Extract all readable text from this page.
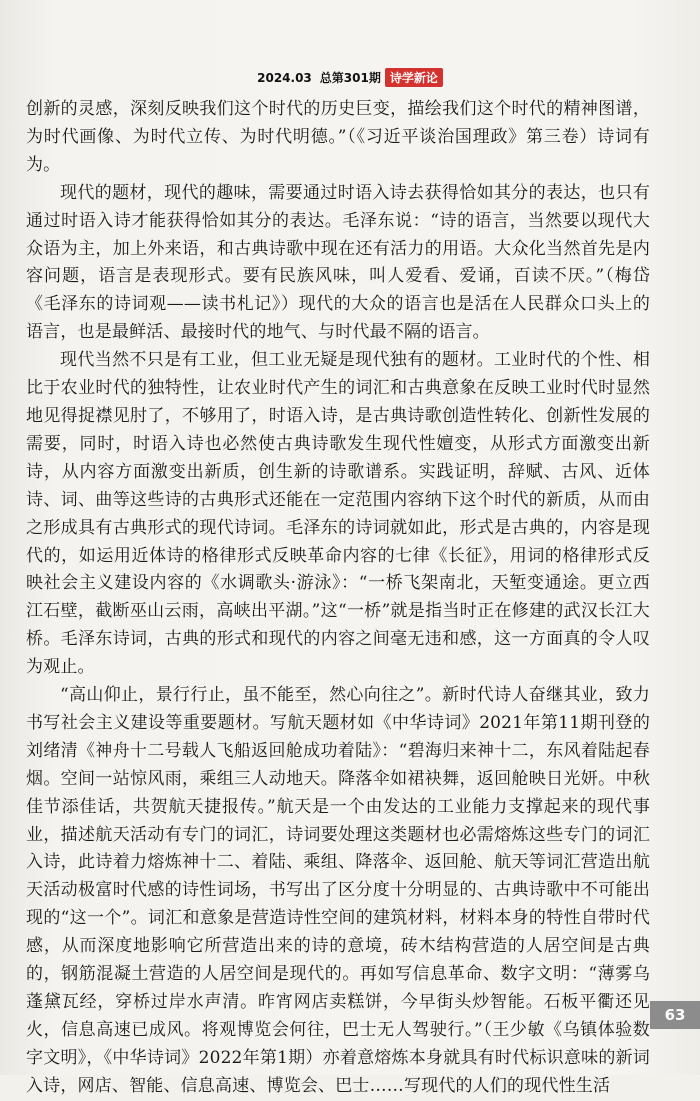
2024.03 总第301期 诗学新论

创新的灵感，深刻反映我们这个时代的历史巨变，描绘我们这个时代的精神图谱，为时代画像、为时代立传、为时代明德。”（《习近平谈治国理政》第三卷）诗词有为。

现代的题材，现代的趣味，需要通过时语入诗去获得恰如其分的表达，也只有通过时语入诗才能获得恰如其分的表达。毛泽东说：“诗的语言，当然要以现代大众语为主，加上外来语，和古典诗歌中现在还有活力的用语。大众化当然首先是内容问题，语言是表现形式。要有民族风味，叫人爱看、爱诵，百读不厌。”（梅岱《毛泽东的诗词观——读书札记》）现代的大众的语言也是活在人民群众口头上的语言，也是最鲜活、最接时代的地气、与时代最不隔的语言。

现代当然不只是有工业，但工业无疑是现代独有的题材。工业时代的个性、相比于农业时代的独特性，让农业时代产生的词汇和古典意象在反映工业时代时显然地见得捉襟见肘了，不够用了，时语入诗，是古典诗歌创造性转化、创新性发展的需要，同时，时语入诗也必然使古典诗歌发生现代性嬗变，从形式方面激变出新诗，从内容方面激变出新质，创生新的诗歌谱系。实践证明，辞赋、古风、近体诗、词、曲等这些诗的古典形式还能在一定范围内容纳下这个时代的新质，从而由之形成具有古典形式的现代诗词。毛泽东的诗词就如此，形式是古典的，内容是现代的，如运用近体诗的格律形式反映革命内容的七律《长征》，用词的格律形式反映社会主义建设内容的《水调歌头·游泳》：“一桥飞架南北，天堑变通途。更立西江石壁，截断巫山云雨，高峡出平湖。”这“一桥”就是指当时正在修建的武汉长江大桥。毛泽东诗词，古典的形式和现代的内容之间毫无违和感，这一方面真的令人叹为观止。

“高山仰止，景行行止，虽不能至，然心向往之”。新时代诗人奋继其业，致力书写社会主义建设等重要题材。写航天题材如《中华诗词》2021年第11期刊登的刘绪清《神舟十二号载人飞船返回舱成功着陆》：“碧海归来神十二，东风着陆起春烟。空间一站惊风雨，乘组三人动地天。降落伞如裙袂舞，返回舱映日光妍。中秋佳节添佳话，共贺航天捷报传。”航天是一个由发达的工业能力支撑起来的现代事业，描述航天活动有专门的词汇，诗词要处理这类题材也必需熔炼这些专门的词汇入诗，此诗着力熔炼神十二、着陆、乘组、降落伞、返回舱、航天等词汇营造出航天活动极富时代感的诗性词场，书写出了区分度十分明显的、古典诗歌中不可能出现的“这一个”。词汇和意象是营造诗性空间的建筑材料，材料本身的特性自带时代感，从而深度地影响它所营造出来的诗的意境，砖木结构营造的人居空间是古典的，钢筋混凝土营造的人居空间是现代的。再如写信息革命、数字文明：“薄雾乌蓬黛瓦经，穿桥过岸水声清。昨宵网店卖糕饼，今早街头炒智能。石板平衢还见火，信息高速已成风。将观博览会何往，巴士无人驾驶行。”（王少敏《乌镇体验数字文明》，《中华诗词》2022年第1期）亦着意熔炼本身就具有时代标识意味的新词入诗，网店、智能、信息高速、博览会、巴士……写现代的人们的现代性生活

63
